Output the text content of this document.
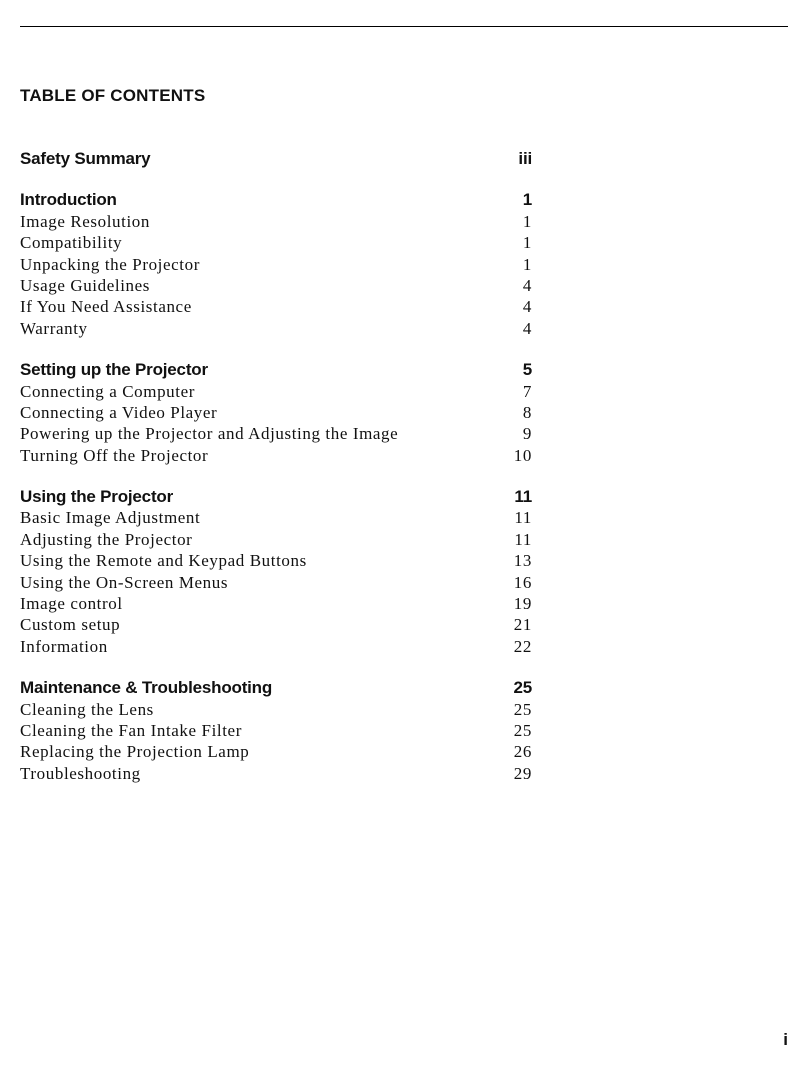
TABLE OF CONTENTS
Safety Summary	iii
Introduction	1
Image Resolution	1
Compatibility	1
Unpacking the Projector	1
Usage Guidelines	4
If You Need Assistance	4
Warranty	4
Setting up the Projector	5
Connecting a Computer	7
Connecting a Video Player	8
Powering up the Projector and Adjusting the Image	9
Turning Off the Projector	10
Using the Projector	11
Basic Image Adjustment	11
Adjusting the Projector	11
Using the Remote and Keypad Buttons	13
Using the On-Screen Menus	16
Image control	19
Custom setup	21
Information	22
Maintenance & Troubleshooting	25
Cleaning the Lens	25
Cleaning the Fan Intake Filter	25
Replacing the Projection Lamp	26
Troubleshooting	29
i
